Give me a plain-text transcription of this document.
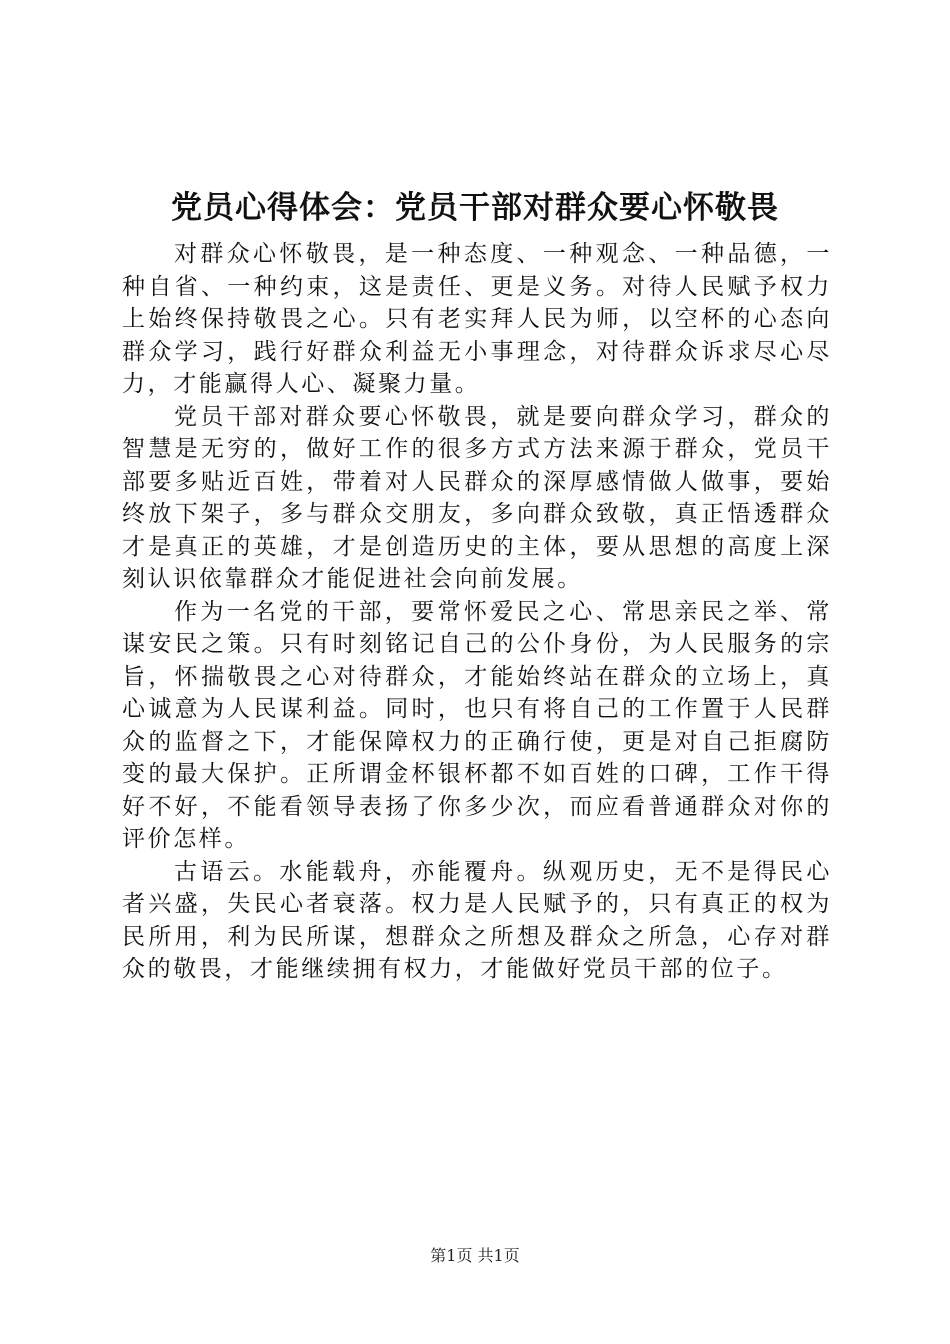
党员心得体会：党员干部对群众要心怀敬畏

对群众心怀敬畏，是一种态度、一种观念、一种品德，一种自省、一种约束，这是责任、更是义务。对待人民赋予权力上始终保持敬畏之心。只有老实拜人民为师，以空杯的心态向群众学习，践行好群众利益无小事理念，对待群众诉求尽心尽力，才能赢得人心、凝聚力量。

党员干部对群众要心怀敬畏，就是要向群众学习，群众的智慧是无穷的，做好工作的很多方式方法来源于群众，党员干部要多贴近百姓，带着对人民群众的深厚感情做人做事，要始终放下架子，多与群众交朋友，多向群众致敬，真正悟透群众才是真正的英雄，才是创造历史的主体，要从思想的高度上深刻认识依靠群众才能促进社会向前发展。

作为一名党的干部，要常怀爱民之心、常思亲民之举、常谋安民之策。只有时刻铭记自己的公仆身份，为人民服务的宗旨，怀揣敬畏之心对待群众，才能始终站在群众的立场上，真心诚意为人民谋利益。同时，也只有将自己的工作置于人民群众的监督之下，才能保障权力的正确行使，更是对自己拒腐防变的最大保护。正所谓金杯银杯都不如百姓的口碑，工作干得好不好，不能看领导表扬了你多少次，而应看普通群众对你的评价怎样。

古语云。水能载舟，亦能覆舟。纵观历史，无不是得民心者兴盛，失民心者衰落。权力是人民赋予的，只有真正的权为民所用，利为民所谋，想群众之所想及群众之所急，心存对群众的敬畏，才能继续拥有权力，才能做好党员干部的位子。

第1页 共1页
